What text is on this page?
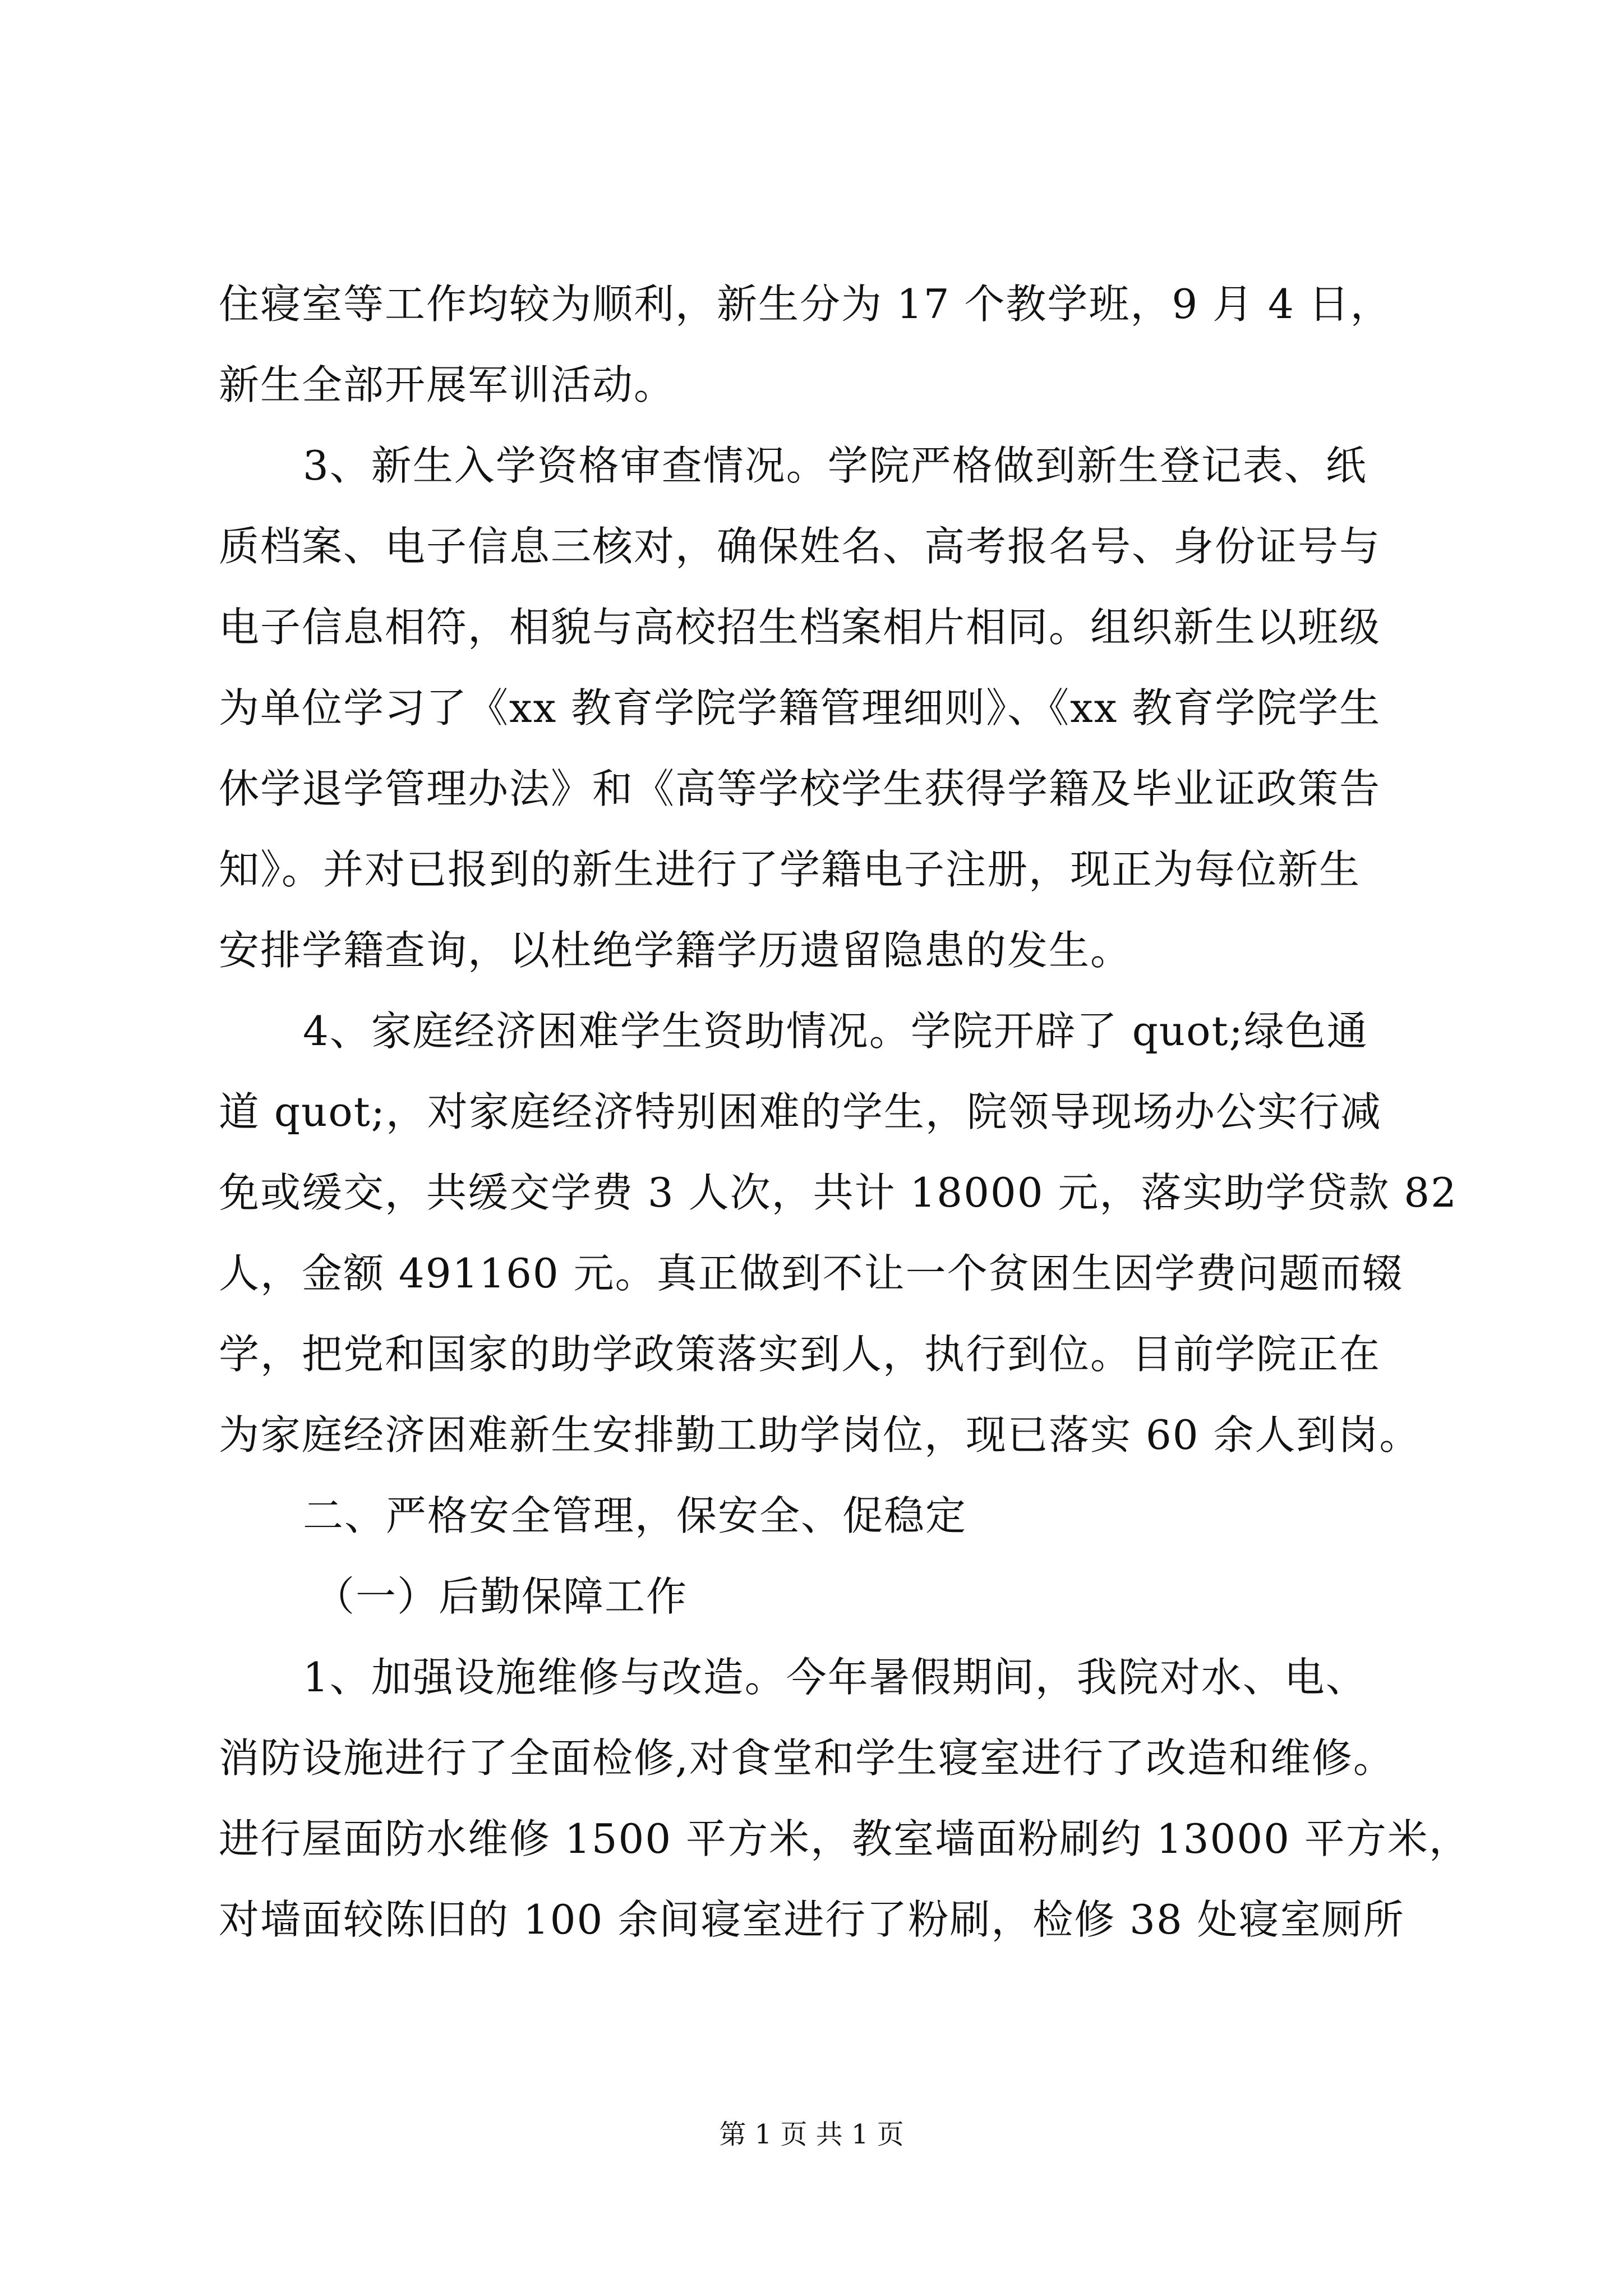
住寝室等工作均较为顺利，新生分为 17 个教学班，9 月 4 日，
新生全部开展军训活动。
3、新生入学资格审查情况。学院严格做到新生登记表、纸
质档案、电子信息三核对，确保姓名、高考报名号、身份证号与
电子信息相符，相貌与高校招生档案相片相同。组织新生以班级
为单位学习了《xx 教育学院学籍管理细则》、《xx 教育学院学生
休学退学管理办法》和《高等学校学生获得学籍及毕业证政策告
知》。并对已报到的新生进行了学籍电子注册，现正为每位新生
安排学籍查询，以杜绝学籍学历遗留隐患的发生。
4、家庭经济困难学生资助情况。学院开辟了 quot;绿色通
道 quot;，对家庭经济特别困难的学生，院领导现场办公实行减
免或缓交，共缓交学费 3 人次，共计 18000 元，落实助学贷款 82
人，金额 491160 元。真正做到不让一个贫困生因学费问题而辍
学，把党和国家的助学政策落实到人，执行到位。目前学院正在
为家庭经济困难新生安排勤工助学岗位，现已落实 60 余人到岗。
二、严格安全管理，保安全、促稳定
（一）后勤保障工作
1、加强设施维修与改造。今年暑假期间，我院对水、电、
消防设施进行了全面检修,对食堂和学生寝室进行了改造和维修。
进行屋面防水维修 1500 平方米，教室墙面粉刷约 13000 平方米，
对墙面较陈旧的 100 余间寝室进行了粉刷，检修 38 处寝室厕所
第 1 页 共 1 页
